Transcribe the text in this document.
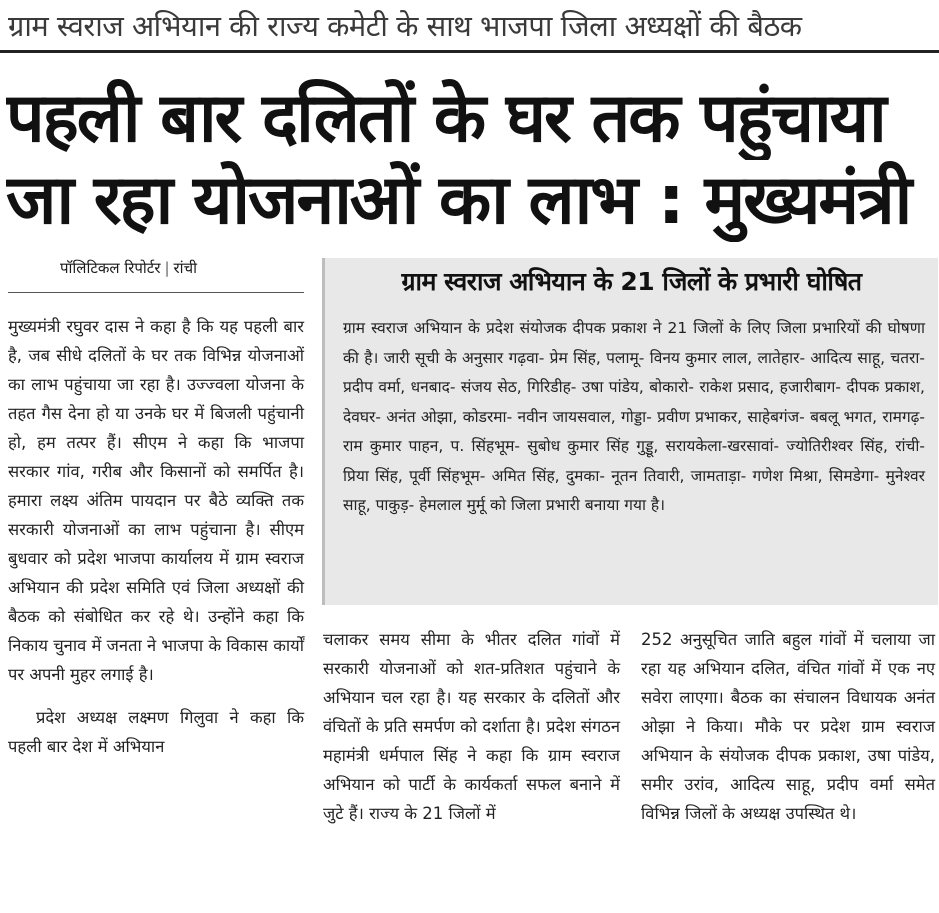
ग्राम स्वराज अभियान की राज्य कमेटी के साथ भाजपा जिला अध्यक्षों की बैठक
पहली बार दलितों के घर तक पहुंचाया
जा रहा योजनाओं का लाभ : मुख्यमंत्री
पॉलिटिकल रिपोर्टर | रांची

मुख्यमंत्री रघुवर दास ने कहा है कि यह पहली बार है, जब सीधे दलितों के घर तक विभिन्न योजनाओं का लाभ पहुंचाया जा रहा है। उज्ज्वला योजना के तहत गैस देना हो या उनके घर में बिजली पहुंचानी हो, हम तत्पर हैं। सीएम ने कहा कि भाजपा सरकार गांव, गरीब और किसानों को समर्पित है। हमारा लक्ष्य अंतिम पायदान पर बैठे व्यक्ति तक सरकारी योजनाओं का लाभ पहुंचाना है। सीएम बुधवार को प्रदेश भाजपा कार्यालय में ग्राम स्वराज अभियान की प्रदेश समिति एवं जिला अध्यक्षों की बैठक को संबोधित कर रहे थे। उन्होंने कहा कि निकाय चुनाव में जनता ने भाजपा के विकास कार्यों पर अपनी मुहर लगाई है।

प्रदेश अध्यक्ष लक्ष्मण गिलुवा ने कहा कि पहली बार देश में अभियान

ग्राम स्वराज अभियान के 21 जिलों के प्रभारी घोषित
ग्राम स्वराज अभियान के प्रदेश संयोजक दीपक प्रकाश ने 21 जिलों के लिए जिला प्रभारियों की घोषणा की है। जारी सूची के अनुसार गढ़वा- प्रेम सिंह, पलामू- विनय कुमार लाल, लातेहार- आदित्य साहू, चतरा- प्रदीप वर्मा, धनबाद- संजय सेठ, गिरिडीह- उषा पांडेय, बोकारो- राकेश प्रसाद, हजारीबाग- दीपक प्रकाश, देवघर- अनंत ओझा, कोडरमा- नवीन जायसवाल, गोड्डा- प्रवीण प्रभाकर, साहेबगंज- बबलू भगत, रामगढ़- राम कुमार पाहन, प. सिंहभूम- सुबोध कुमार सिंह गुड्डू, सरायकेला-खरसावां- ज्योतिरीश्वर सिंह, रांची- प्रिया सिंह, पूर्वी सिंहभूम- अमित सिंह, दुमका- नूतन तिवारी, जामताड़ा- गणेश मिश्रा, सिमडेगा- मुनेश्वर साहू, पाकुड़- हेमलाल मुर्मू को जिला प्रभारी बनाया गया है।

चलाकर समय सीमा के भीतर दलित गांवों में सरकारी योजनाओं को शत-प्रतिशत पहुंचाने के अभियान चल रहा है। यह सरकार के दलितों और वंचितों के प्रति समर्पण को दर्शाता है। प्रदेश संगठन महामंत्री धर्मपाल सिंह ने कहा कि ग्राम स्वराज अभियान को पार्टी के कार्यकर्ता सफल बनाने में जुटे हैं। राज्य के 21 जिलों में

252 अनुसूचित जाति बहुल गांवों में चलाया जा रहा यह अभियान दलित, वंचित गांवों में एक नए सवेरा लाएगा। बैठक का संचालन विधायक अनंत ओझा ने किया। मौके पर प्रदेश ग्राम स्वराज अभियान के संयोजक दीपक प्रकाश, उषा पांडेय, समीर उरांव, आदित्य साहू, प्रदीप वर्मा समेत विभिन्न जिलों के अध्यक्ष उपस्थित थे।
